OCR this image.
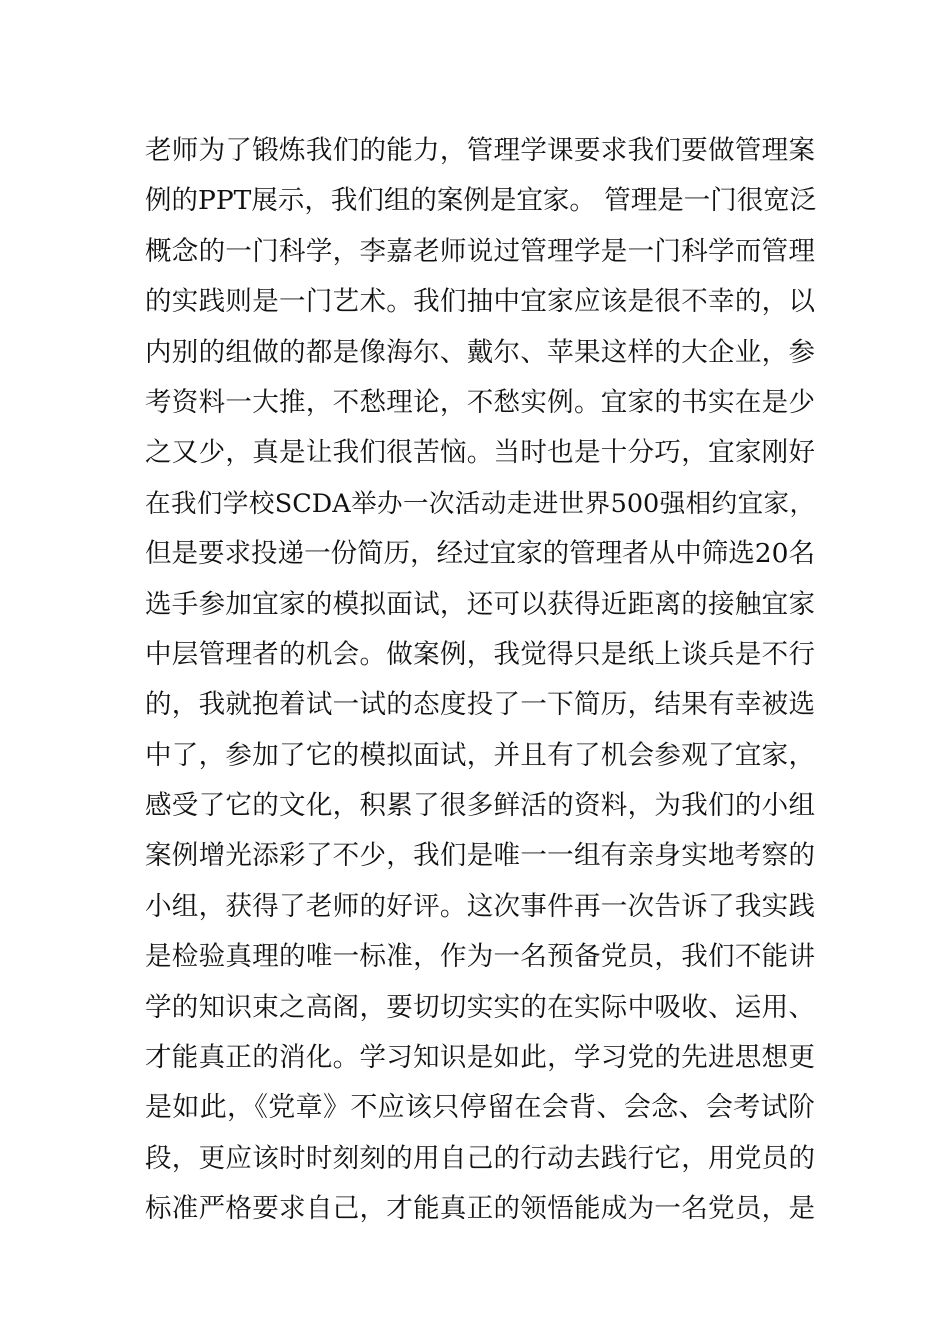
老师为了锻炼我们的能力，管理学课要求我们要做管理案
例的PPT展示，我们组的案例是宜家。 管理是一门很宽泛
概念的一门科学，李嘉老师说过管理学是一门科学而管理
的实践则是一门艺术。我们抽中宜家应该是很不幸的，以
内别的组做的都是像海尔、戴尔、苹果这样的大企业，参
考资料一大推，不愁理论，不愁实例。宜家的书实在是少
之又少，真是让我们很苦恼。当时也是十分巧，宜家刚好
在我们学校SCDA举办一次活动走进世界500强相约宜家，
但是要求投递一份简历，经过宜家的管理者从中筛选20名
选手参加宜家的模拟面试，还可以获得近距离的接触宜家
中层管理者的机会。做案例，我觉得只是纸上谈兵是不行
的，我就抱着试一试的态度投了一下简历，结果有幸被选
中了，参加了它的模拟面试，并且有了机会参观了宜家，
感受了它的文化，积累了很多鲜活的资料，为我们的小组
案例增光添彩了不少，我们是唯一一组有亲身实地考察的
小组，获得了老师的好评。这次事件再一次告诉了我实践
是检验真理的唯一标准，作为一名预备党员，我们不能讲
学的知识束之高阁，要切切实实的在实际中吸收、运用、
才能真正的消化。学习知识是如此，学习党的先进思想更
是如此，《党章》不应该只停留在会背、会念、会考试阶
段，更应该时时刻刻的用自己的行动去践行它，用党员的
标准严格要求自己，才能真正的领悟能成为一名党员，是
